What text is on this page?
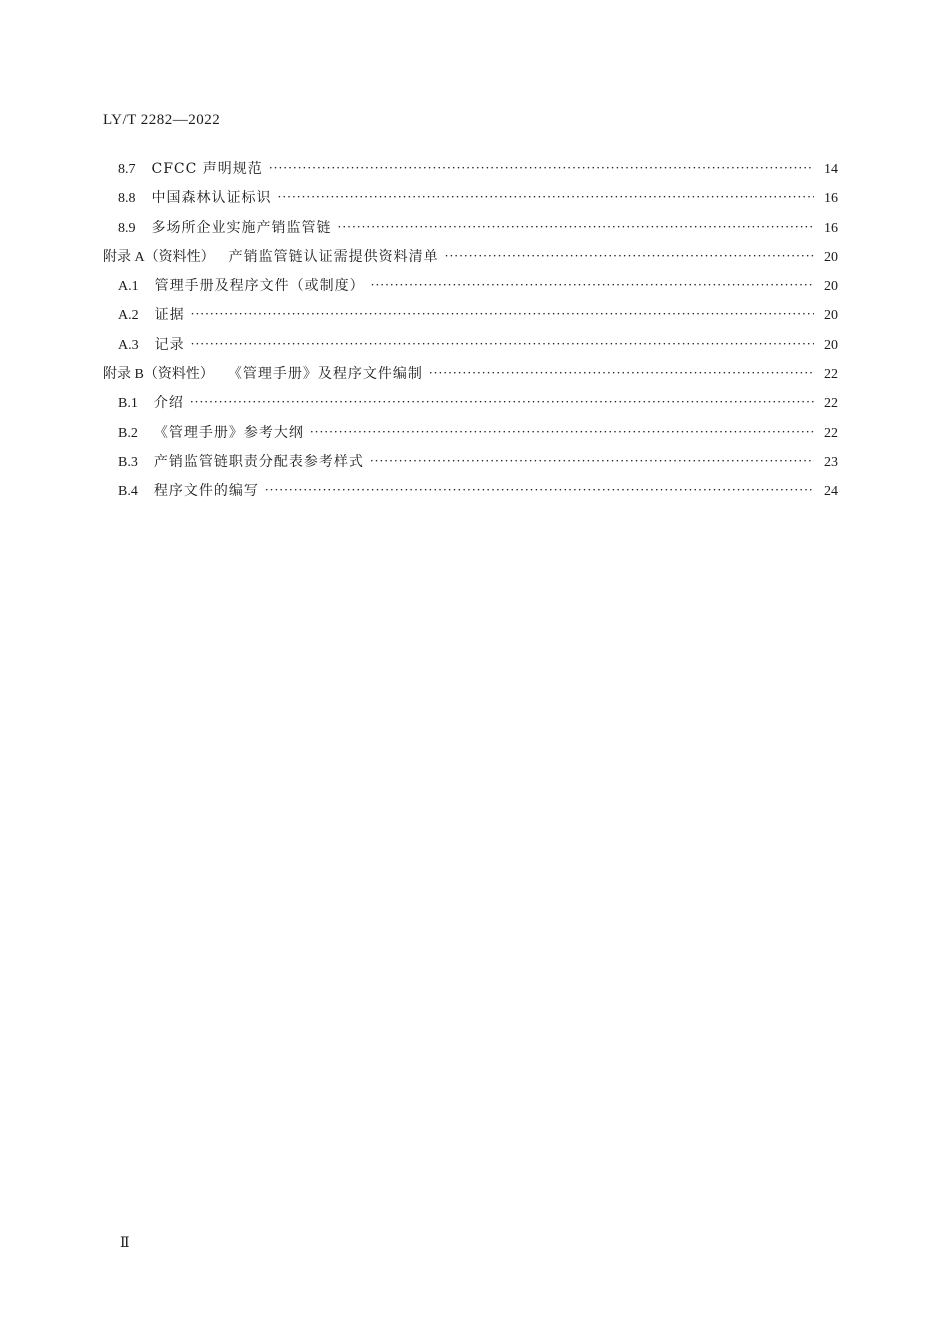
LY/T 2282—2022
8.7 CFCC 声明规范 ·····	14
8.8 中国森林认证标识 ·····	16
8.9 多场所企业实施产销监管链 ·····	16
附录 A（资料性） 产销监管链认证需提供资料清单 ·····	20
A.1 管理手册及程序文件（或制度） ·····	20
A.2 证据 ·····	20
A.3 记录 ·····	20
附录 B（资料性） 《管理手册》及程序文件编制 ·····	22
B.1 介绍 ·····	22
B.2 《管理手册》参考大纲 ·····	22
B.3 产销监管链职责分配表参考样式 ·····	23
B.4 程序文件的编写 ·····	24
Ⅱ
